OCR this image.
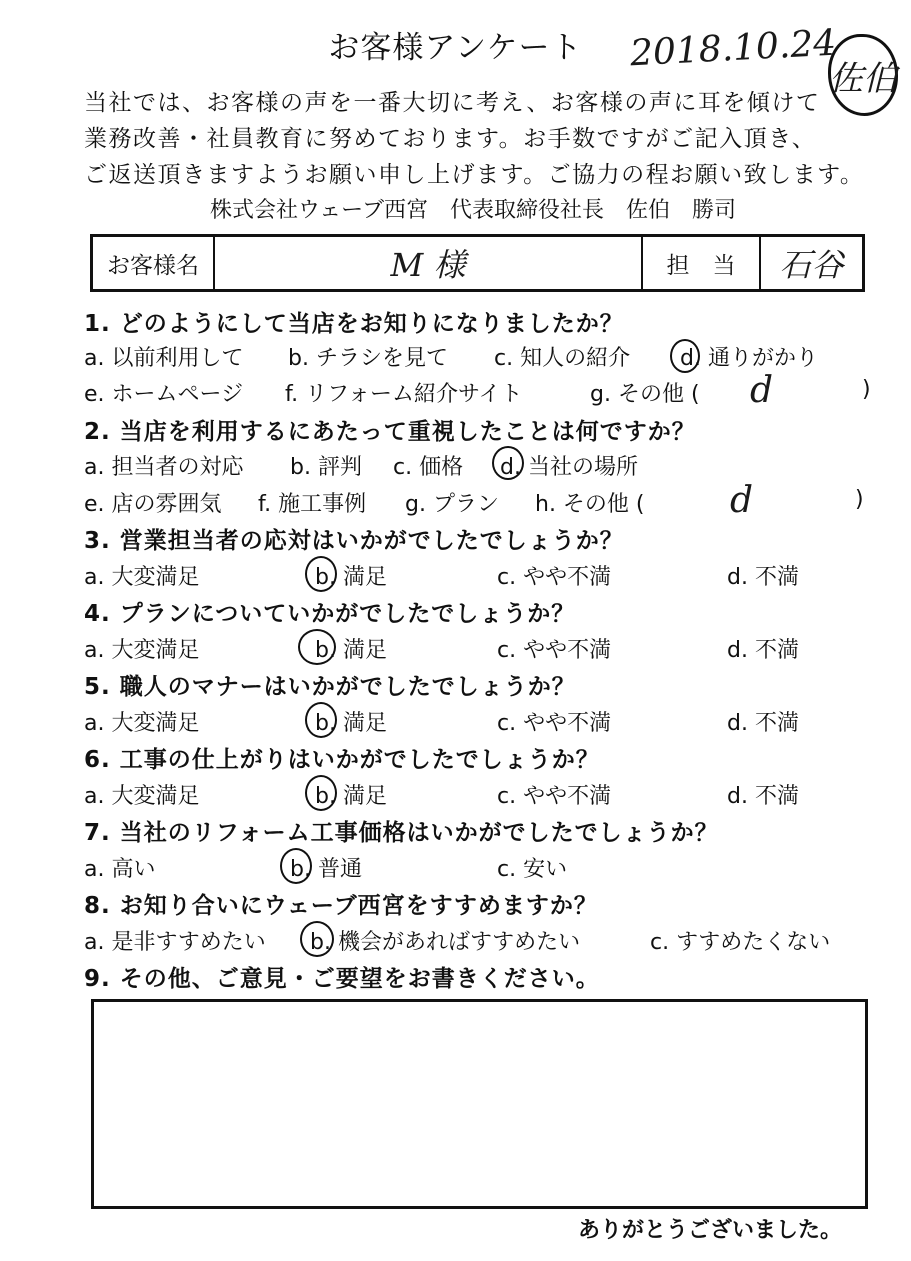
お客様アンケート	2018.10.24
佐伯
当社では、お客様の声を一番大切に考え、お客様の声に耳を傾けて
業務改善・社員教育に努めております。お手数ですがご記入頂き、
ご返送頂きますようお願い申し上げます。ご協力の程お願い致します。
株式会社ウェーブ西宮　代表取締役社長　佐伯　勝司
お客様名	M 様	担　当	石谷
1. どのようにして当店をお知りになりましたか？
a. 以前利用して b. チラシを見て c. 知人の紹介 d. 通りがかり
e. ホームページ f. リフォーム紹介サイト	g. その他 ( d	)
2. 当店を利用するにあたって重視したことは何ですか？
a. 担当者の対応 b. 評判 c. 価格 d. 当社の場所
e. 店の雰囲気 f. 施工事例 g. プラン h. その他 ( d	)
3. 営業担当者の応対はいかがでしたでしょうか？
a. 大変満足	b. 満足	c. やや不満	d. 不満
4. プランについていかがでしたでしょうか？
a. 大変満足	b. 満足	c. やや不満	d. 不満
5. 職人のマナーはいかがでしたでしょうか？
a. 大変満足	b. 満足	c. やや不満	d. 不満
6. 工事の仕上がりはいかがでしたでしょうか？
a. 大変満足	b. 満足	c. やや不満	d. 不満
7. 当社のリフォーム工事価格はいかがでしたでしょうか？
a. 高い	b. 普通	c. 安い
8. お知り合いにウェーブ西宮をすすめますか？
a. 是非すすめたい b. 機会があればすすめたい	c. すすめたくない
9. その他、ご意見・ご要望をお書きください。
ありがとうございました。
